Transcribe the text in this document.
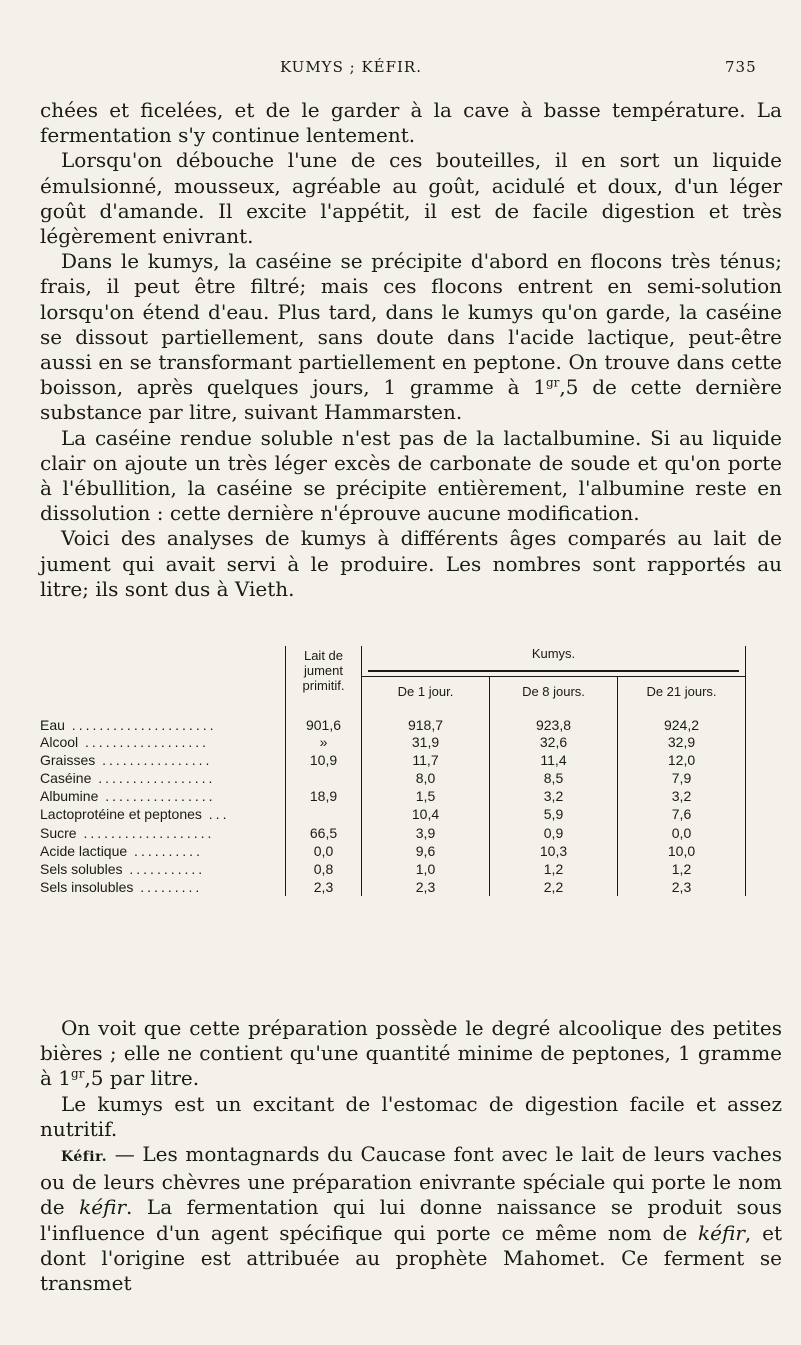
KUMYS ; KÉFIR.	735

chées et ficelées, et de le garder à la cave à basse température. La fermentation s'y continue lentement.

Lorsqu'on débouche l'une de ces bouteilles, il en sort un liquide émulsionné, mousseux, agréable au goût, acidulé et doux, d'un léger goût d'amande. Il excite l'appétit, il est de facile digestion et très légèrement enivrant.

Dans le kumys, la caséine se précipite d'abord en flocons très ténus; frais, il peut être filtré; mais ces flocons entrent en semi-solution lorsqu'on étend d'eau. Plus tard, dans le kumys qu'on garde, la caséine se dissout partiellement, sans doute dans l'acide lactique, peut-être aussi en se transformant partiellement en peptone. On trouve dans cette boisson, après quelques jours, 1 gramme à $1^{gr},5$ de cette dernière substance par litre, suivant Hammarsten.

La caséine rendue soluble n'est pas de la lactalbumine. Si au liquide clair on ajoute un très léger excès de carbonate de soude et qu'on porte à l'ébullition, la caséine se précipite entièrement, l'albumine reste en dissolution : cette dernière n'éprouve aucune modification.

Voici des analyses de kumys à différents âges comparés au lait de jument qui avait servi à le produire. Les nombres sont rapportés au litre; ils sont dus à Vieth.

	Lait de jument primitif.	Kumys.		

		De 1 jour.	De 8 jours.	De 21 jours.
Eau .....................	901,6	918,7	923,8	924,2
Alcool ..................	»	31,9	32,6	32,9
Graisses ................	10,9	11,7	11,4	12,0
Caséine .................		8,0	8,5	7,9
Albumine ................	18,9	1,5	3,2	3,2
Lactoprotéine et peptones ...		10,4	5,9	7,6
Sucre ...................	66,5	3,9	0,9	0,0
Acide lactique ..........	0,0	9,6	10,3	10,0
Sels solubles ...........	0,8	1,0	1,2	1,2
Sels insolubles .........	2,3	2,3	2,2	2,3

On voit que cette préparation possède le degré alcoolique des petites bières ; elle ne contient qu'une quantité minime de peptones, 1 gramme à $1^{gr},5$ par litre.

Le kumys est un excitant de l'estomac de digestion facile et assez nutritif.

Kéfir. — Les montagnards du Caucase font avec le lait de leurs vaches ou de leurs chèvres une préparation enivrante spéciale qui porte le nom de kéfir. La fermentation qui lui donne naissance se produit sous l'influence d'un agent spécifique qui porte ce même nom de kéfir, et dont l'origine est attribuée au prophète Mahomet. Ce ferment se transmet
